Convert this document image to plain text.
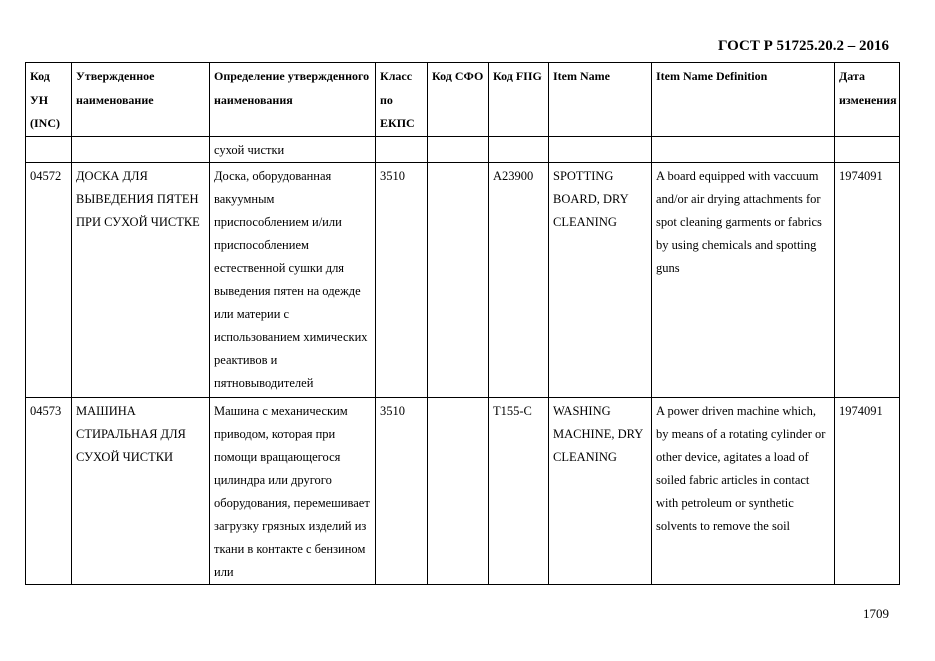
ГОСТ Р 51725.20.2 – 2016
Код УН (INC)	Утвержденное наименование	Определение утвержденного наименования	Класс по ЕКПС	Код СФО	Код FIIG	Item Name	Item Name Definition	Дата изменения
		сухой чистки						
04572	ДОСКА ДЛЯ ВЫВЕДЕНИЯ ПЯТЕН ПРИ СУХОЙ ЧИСТКЕ	Доска, оборудованная вакуумным приспособлением и/или приспособлением естественной сушки для выведения пятен на одежде или материи с использованием химических реактивов и пятновыводителей	3510		A23900	SPOTTING BOARD, DRY CLEANING	A board equipped with vaccuum and/or air drying attachments for spot cleaning garments or fabrics by using chemicals and spotting guns	1974091
04573	МАШИНА СТИРАЛЬНАЯ ДЛЯ СУХОЙ ЧИСТКИ	Машина с механическим приводом, которая при помощи вращающегося цилиндра или другого оборудования, перемешивает загрузку грязных изделий из ткани в контакте с бензином или	3510		T155-C	WASHING MACHINE, DRY CLEANING	A power driven machine which, by means of a rotating cylinder or other device, agitates a load of soiled fabric articles in contact with petroleum or synthetic solvents to remove the soil	1974091
1709
